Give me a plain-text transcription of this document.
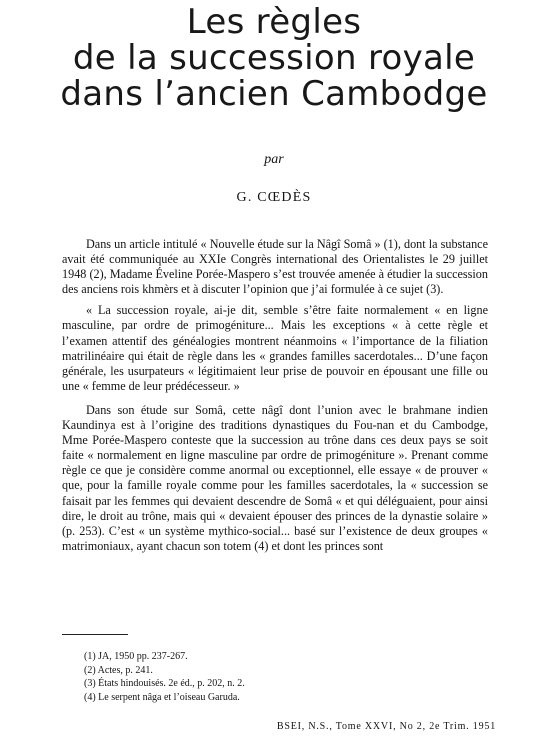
Les règles
de la succession royale
dans l’ancien Cambodge
par
G. CŒDÈS

Dans un article intitulé « Nouvelle étude sur la Nâgî Somâ » (1), dont la substance avait été communiquée au XXIe Congrès international des Orientalistes le 29 juillet 1948 (2), Madame Éveline Porée-Maspero s’est trouvée amenée à étudier la succession des anciens rois khmèrs et à discuter l’opinion que j’ai formulée à ce sujet (3).

« La succession royale, ai-je dit, semble s’être faite normalement « en ligne masculine, par ordre de primogéniture... Mais les exceptions « à cette règle et l’examen attentif des généalogies montrent néanmoins « l’importance de la filiation matrilinéaire qui était de règle dans les « grandes familles sacerdotales... D’une façon générale, les usurpateurs « légitimaient leur prise de pouvoir en épousant une fille ou une « femme de leur prédécesseur. »

Dans son étude sur Somâ, cette nâgî dont l’union avec le brahmane indien Kaundinya est à l’origine des traditions dynastiques du Fou-nan et du Cambodge, Mme Porée-Maspero conteste que la succession au trône dans ces deux pays se soit faite « normalement en ligne masculine par ordre de primogéniture ». Prenant comme règle ce que je considère comme anormal ou exceptionnel, elle essaye « de prouver « que, pour la famille royale comme pour les familles sacerdotales, la « succession se faisait par les femmes qui devaient descendre de Somâ « et qui déléguaient, pour ainsi dire, le droit au trône, mais qui « devaient épouser des princes de la dynastie solaire » (p. 253). C’est « un système mythico-social... basé sur l’existence de deux groupes « matrimoniaux, ayant chacun son totem (4) et dont les princes sont

(1) JA, 1950 pp. 237-267.
(2) Actes, p. 241.
(3) États hindouisés. 2e éd., p. 202, n. 2.
(4) Le serpent nâga et l’oiseau Garuda.
BSEI, N.S., Tome XXVI, No 2, 2e Trim. 1951
